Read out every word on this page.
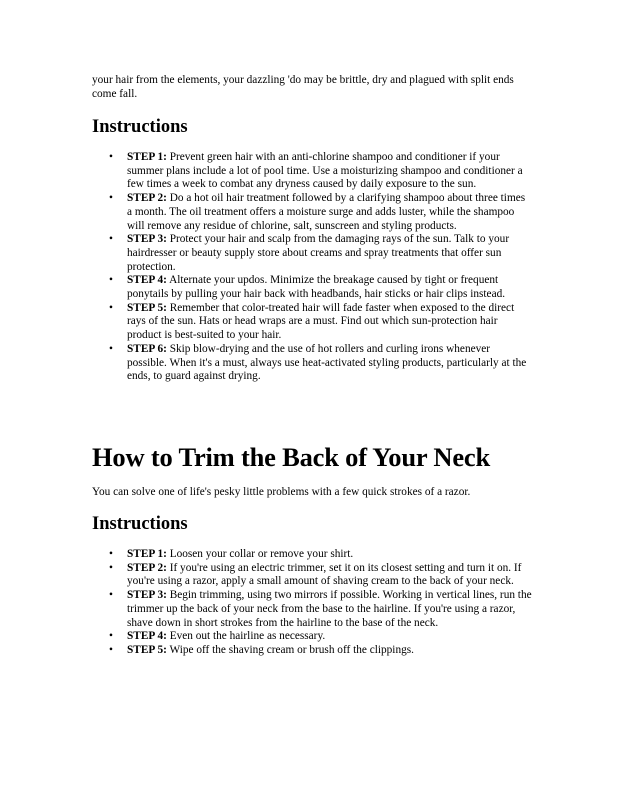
your hair from the elements, your dazzling 'do may be brittle, dry and plagued with split ends come fall.

Instructions
• STEP 1: Prevent green hair with an anti-chlorine shampoo and conditioner if your summer plans include a lot of pool time. Use a moisturizing shampoo and conditioner a few times a week to combat any dryness caused by daily exposure to the sun.
• STEP 2: Do a hot oil hair treatment followed by a clarifying shampoo about three times a month. The oil treatment offers a moisture surge and adds luster, while the shampoo will remove any residue of chlorine, salt, sunscreen and styling products.
• STEP 3: Protect your hair and scalp from the damaging rays of the sun. Talk to your hairdresser or beauty supply store about creams and spray treatments that offer sun protection.
• STEP 4: Alternate your updos. Minimize the breakage caused by tight or frequent ponytails by pulling your hair back with headbands, hair sticks or hair clips instead.
• STEP 5: Remember that color-treated hair will fade faster when exposed to the direct rays of the sun. Hats or head wraps are a must. Find out which sun-protection hair product is best-suited to your hair.
• STEP 6: Skip blow-drying and the use of hot rollers and curling irons whenever possible. When it's a must, always use heat-activated styling products, particularly at the ends, to guard against drying.
How to Trim the Back of Your Neck

You can solve one of life's pesky little problems with a few quick strokes of a razor.

Instructions
• STEP 1: Loosen your collar or remove your shirt.
• STEP 2: If you're using an electric trimmer, set it on its closest setting and turn it on. If you're using a razor, apply a small amount of shaving cream to the back of your neck.
• STEP 3: Begin trimming, using two mirrors if possible. Working in vertical lines, run the trimmer up the back of your neck from the base to the hairline. If you're using a razor, shave down in short strokes from the hairline to the base of the neck.
• STEP 4: Even out the hairline as necessary.
• STEP 5: Wipe off the shaving cream or brush off the clippings.
